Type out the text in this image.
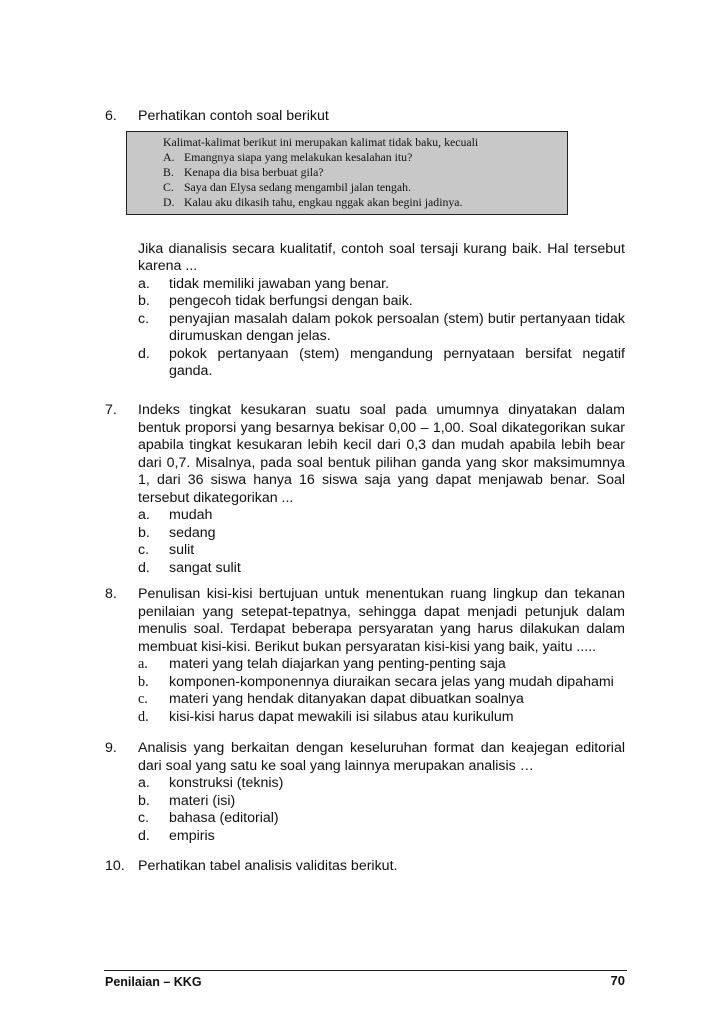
6.	Perhatikan contoh soal berikut
Kalimat-kalimat berikut ini merupakan kalimat tidak baku, kecuali
A. Emangnya siapa yang melakukan kesalahan itu?
B. Kenapa dia bisa berbuat gila?
C. Saya dan Elysa sedang mengambil jalan tengah.
D. Kalau aku dikasih tahu, engkau nggak akan begini jadinya.
Jika dianalisis secara kualitatif, contoh soal tersaji kurang baik. Hal tersebut karena ...
a.	tidak memiliki jawaban yang benar.
b.	pengecoh tidak berfungsi dengan baik.
c.	penyajian masalah dalam pokok persoalan (stem) butir pertanyaan tidak dirumuskan dengan jelas.
d.	pokok pertanyaan (stem) mengandung pernyataan bersifat negatif ganda.
7.	Indeks tingkat kesukaran suatu soal pada umumnya dinyatakan dalam bentuk proporsi yang besarnya bekisar 0,00 – 1,00. Soal dikategorikan sukar apabila tingkat kesukaran lebih kecil dari 0,3 dan mudah apabila lebih bear dari 0,7. Misalnya, pada soal bentuk pilihan ganda yang skor maksimumnya 1, dari 36 siswa hanya 16 siswa saja yang dapat menjawab benar. Soal tersebut dikategorikan ...
a.	mudah
b.	sedang
c.	sulit
d.	sangat sulit
8.	Penulisan kisi-kisi bertujuan untuk menentukan ruang lingkup dan tekanan penilaian yang setepat-tepatnya, sehingga dapat menjadi petunjuk dalam menulis soal. Terdapat beberapa persyaratan yang harus dilakukan dalam membuat kisi-kisi. Berikut bukan persyaratan kisi-kisi yang baik, yaitu .....
a.	materi yang telah diajarkan yang penting-penting saja
b.	komponen-komponennya diuraikan secara jelas yang mudah dipahami
c.	materi yang hendak ditanyakan dapat dibuatkan soalnya
d.	kisi-kisi harus dapat mewakili isi silabus atau kurikulum
9.	Analisis yang berkaitan dengan keseluruhan format dan keajegan editorial dari soal yang satu ke soal yang lainnya merupakan analisis …
a.	konstruksi (teknis)
b.	materi (isi)
c.	bahasa (editorial)
d.	empiris
10. Perhatikan tabel analisis validitas berikut.
Penilaian – KKG	70
